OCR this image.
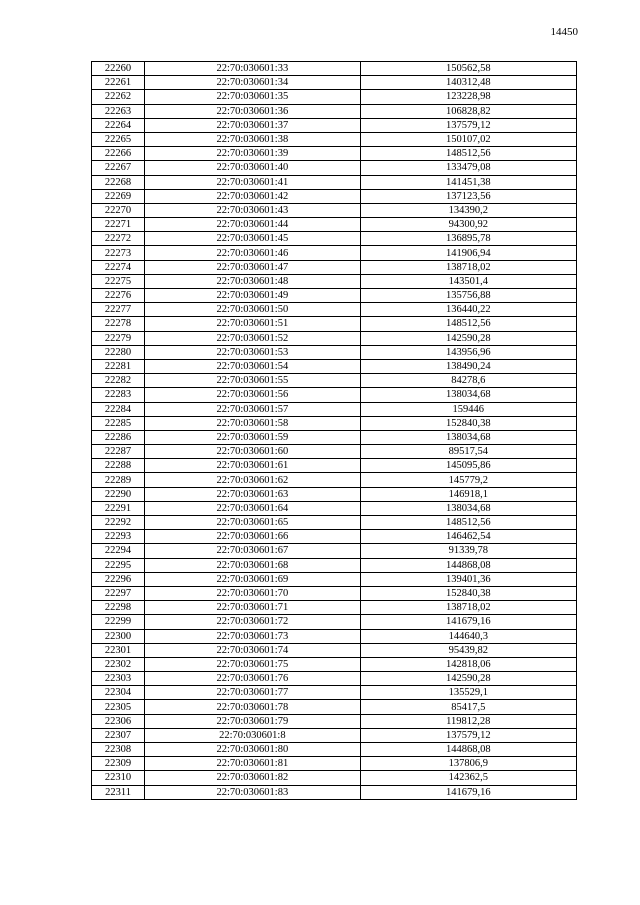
14450
22260	22:70:030601:33	150562,58
22261	22:70:030601:34	140312,48
22262	22:70:030601:35	123228,98
22263	22:70:030601:36	106828,82
22264	22:70:030601:37	137579,12
22265	22:70:030601:38	150107,02
22266	22:70:030601:39	148512,56
22267	22:70:030601:40	133479,08
22268	22:70:030601:41	141451,38
22269	22:70:030601:42	137123,56
22270	22:70:030601:43	134390,2
22271	22:70:030601:44	94300,92
22272	22:70:030601:45	136895,78
22273	22:70:030601:46	141906,94
22274	22:70:030601:47	138718,02
22275	22:70:030601:48	143501,4
22276	22:70:030601:49	135756,88
22277	22:70:030601:50	136440,22
22278	22:70:030601:51	148512,56
22279	22:70:030601:52	142590,28
22280	22:70:030601:53	143956,96
22281	22:70:030601:54	138490,24
22282	22:70:030601:55	84278,6
22283	22:70:030601:56	138034,68
22284	22:70:030601:57	159446
22285	22:70:030601:58	152840,38
22286	22:70:030601:59	138034,68
22287	22:70:030601:60	89517,54
22288	22:70:030601:61	145095,86
22289	22:70:030601:62	145779,2
22290	22:70:030601:63	146918,1
22291	22:70:030601:64	138034,68
22292	22:70:030601:65	148512,56
22293	22:70:030601:66	146462,54
22294	22:70:030601:67	91339,78
22295	22:70:030601:68	144868,08
22296	22:70:030601:69	139401,36
22297	22:70:030601:70	152840,38
22298	22:70:030601:71	138718,02
22299	22:70:030601:72	141679,16
22300	22:70:030601:73	144640,3
22301	22:70:030601:74	95439,82
22302	22:70:030601:75	142818,06
22303	22:70:030601:76	142590,28
22304	22:70:030601:77	135529,1
22305	22:70:030601:78	85417,5
22306	22:70:030601:79	119812,28
22307	22:70:030601:8	137579,12
22308	22:70:030601:80	144868,08
22309	22:70:030601:81	137806,9
22310	22:70:030601:82	142362,5
22311	22:70:030601:83	141679,16
